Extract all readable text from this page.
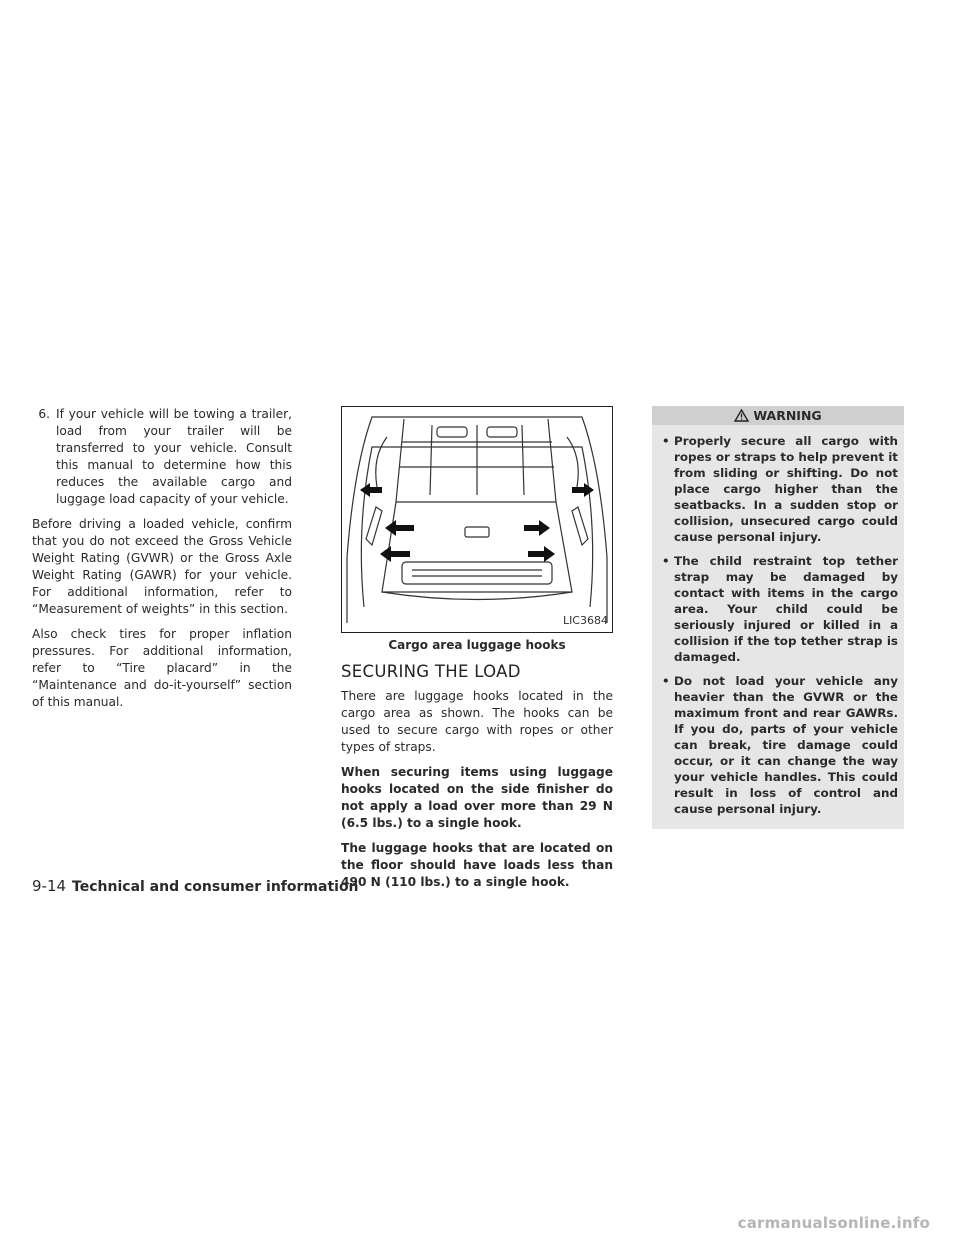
6. If your vehicle will be towing a trailer, load from your trailer will be transferred to your vehicle. Consult this manual to determine how this reduces the available cargo and luggage load capacity of your vehicle.

Before driving a loaded vehicle, confirm that you do not exceed the Gross Vehicle Weight Rating (GVWR) or the Gross Axle Weight Rating (GAWR) for your vehicle. For additional information, refer to “Measurement of weights” in this section.

Also check tires for proper inflation pressures. For additional information, refer to “Tire placard” in the “Maintenance and do-it-yourself” section of this manual.

LIC3684
Cargo area luggage hooks
SECURING THE LOAD

There are luggage hooks located in the cargo area as shown. The hooks can be used to secure cargo with ropes or other types of straps.

When securing items using luggage hooks located on the side finisher do not apply a load over more than 29 N (6.5 lbs.) to a single hook.

The luggage hooks that are located on the floor should have loads less than 490 N (110 lbs.) to a single hook.

WARNING
• Properly secure all cargo with ropes or straps to help prevent it from sliding or shifting. Do not place cargo higher than the seatbacks. In a sudden stop or collision, unsecured cargo could cause personal injury.
• The child restraint top tether strap may be damaged by contact with items in the cargo area. Your child could be seriously injured or killed in a collision if the top tether strap is damaged.
• Do not load your vehicle any heavier than the GVWR or the maximum front and rear GAWRs. If you do, parts of your vehicle can break, tire damage could occur, or it can change the way your vehicle handles. This could result in loss of control and cause personal injury.
9-14 Technical and consumer information
carmanualsonline.info
